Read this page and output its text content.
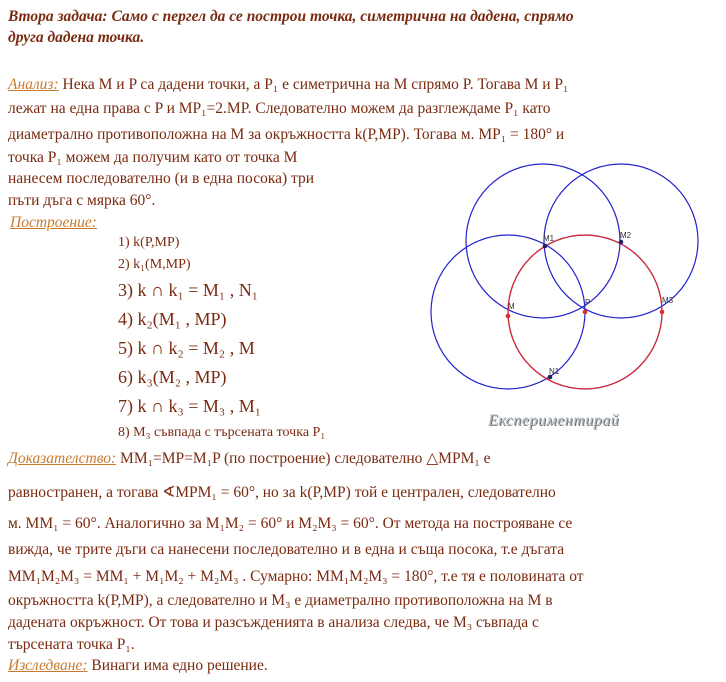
Втора задача: Само с пергел да се построи точка, симетрична на дадена, спрямо
друга дадена точка.
Анализ: Нека M и P са дадени точки, а P₁ е симетрична на M спрямо P. Тогава M и P₁
лежат на една права с P и MP₁=2.MP. Следователно можем да разглеждаме P₁ като
диаметрално противоположна на M за окръжността k(P,MP). Тогава м. MP₁ = 180° и
точка P₁ можем да получим като от точка M
нанесем последователно (и в една посока) три
пъти дъга с мярка 60°.
Построение:
1) k(P,MP)
2) k₁(M,MP)
3) k ∩ k₁ = M₁ , N₁
4) k₂(M₁ , MP)
5) k ∩ k₂ = M₂ , M
6) k₃(M₂ , MP)
7) k ∩ k₃ = M₃ , M₁
8) M₃ съвпада с търсената точка P₁
M	P
M1	M2
M3
N1
Експериментирай
Доказателство: MM₁=MP=M₁P (по построение) следователно △MPM₁ е
равностранен, а тогава ∢MPM₁ = 60°, но за k(P,MP) той е централен, следователно
м. MM₁ = 60°. Аналогично за M₁M₂ = 60° и M₂M₃ = 60°. От метода на построяване се
вижда, че трите дъги са нанесени последователно и в една и съща посока, т.е дъгата
MM₁M₂M₃ = MM₁ + M₁M₂ + M₂M₃ . Сумарно: MM₁M₂M₃ = 180°, т.е тя е половината от
окръжността k(P,MP), а следователно и M₃ е диаметрално противоположна на M в
дадената окръжност. От това и разсъжденията в анализа следва, че M₃ съвпада с
търсената точка P₁.
Изследване: Винаги има едно решение.
